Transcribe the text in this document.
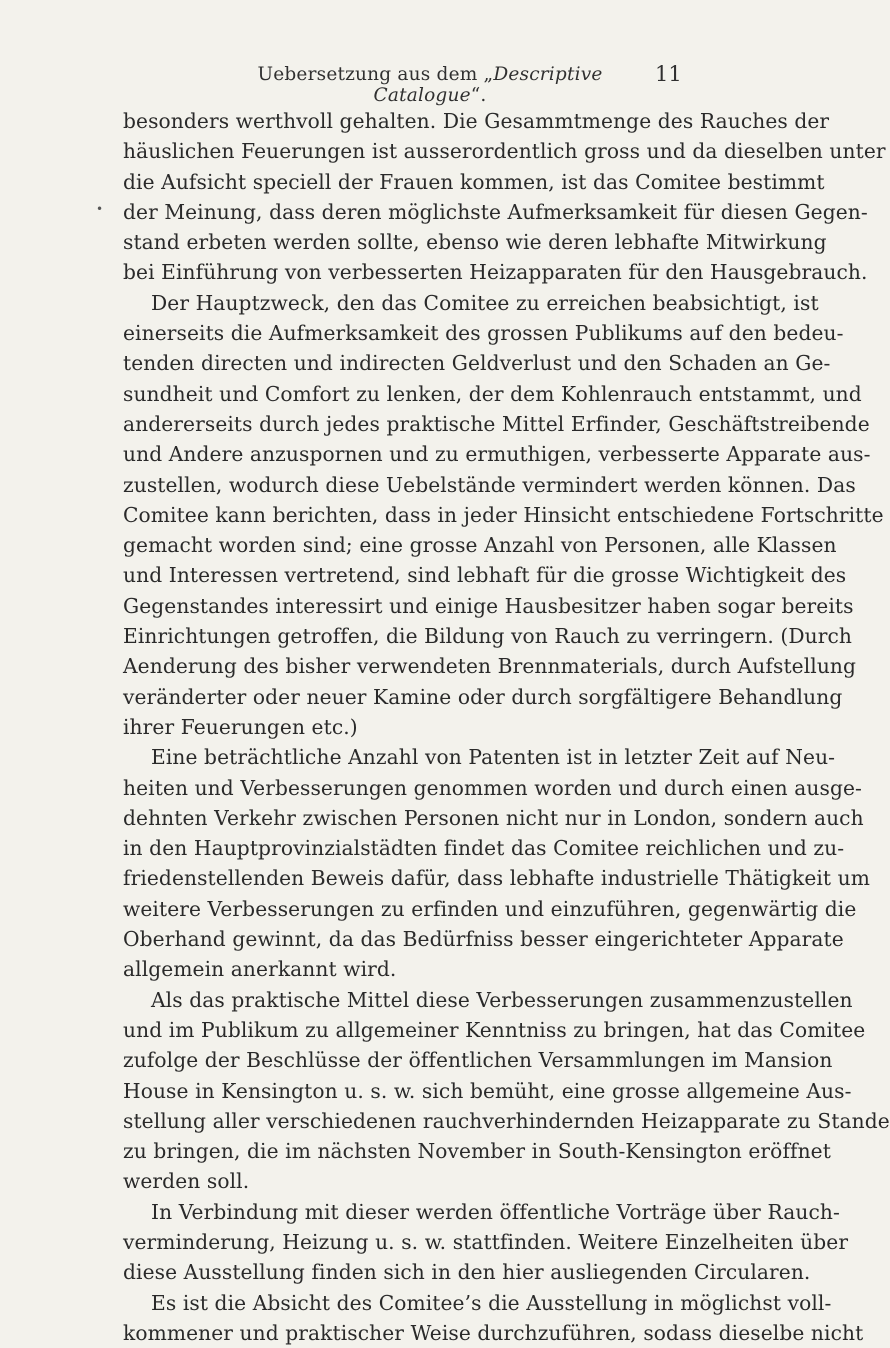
Uebersetzung aus dem „Descriptive Catalogue“.
11
•
besonders werthvoll gehalten. Die Gesammtmenge des Rauches der
häuslichen Feuerungen ist ausserordentlich gross und da dieselben unter
die Aufsicht speciell der Frauen kommen, ist das Comitee bestimmt
der Meinung, dass deren möglichste Aufmerksamkeit für diesen Gegen-
stand erbeten werden sollte, ebenso wie deren lebhafte Mitwirkung
bei Einführung von verbesserten Heizapparaten für den Hausgebrauch.
Der Hauptzweck, den das Comitee zu erreichen beabsichtigt, ist
einerseits die Aufmerksamkeit des grossen Publikums auf den bedeu-
tenden directen und indirecten Geldverlust und den Schaden an Ge-
sundheit und Comfort zu lenken, der dem Kohlenrauch entstammt, und
andererseits durch jedes praktische Mittel Erfinder, Geschäftstreibende
und Andere anzuspornen und zu ermuthigen, verbesserte Apparate aus-
zustellen, wodurch diese Uebelstände vermindert werden können. Das
Comitee kann berichten, dass in jeder Hinsicht entschiedene Fortschritte
gemacht worden sind; eine grosse Anzahl von Personen, alle Klassen
und Interessen vertretend, sind lebhaft für die grosse Wichtigkeit des
Gegenstandes interessirt und einige Hausbesitzer haben sogar bereits
Einrichtungen getroffen, die Bildung von Rauch zu verringern. (Durch
Aenderung des bisher verwendeten Brennmaterials, durch Aufstellung
veränderter oder neuer Kamine oder durch sorgfältigere Behandlung
ihrer Feuerungen etc.)
Eine beträchtliche Anzahl von Patenten ist in letzter Zeit auf Neu-
heiten und Verbesserungen genommen worden und durch einen ausge-
dehnten Verkehr zwischen Personen nicht nur in London, sondern auch
in den Hauptprovinzialstädten findet das Comitee reichlichen und zu-
friedenstellenden Beweis dafür, dass lebhafte industrielle Thätigkeit um
weitere Verbesserungen zu erfinden und einzuführen, gegenwärtig die
Oberhand gewinnt, da das Bedürfniss besser eingerichteter Apparate
allgemein anerkannt wird.
Als das praktische Mittel diese Verbesserungen zusammenzustellen
und im Publikum zu allgemeiner Kenntniss zu bringen, hat das Comitee
zufolge der Beschlüsse der öffentlichen Versammlungen im Mansion
House in Kensington u. s. w. sich bemüht, eine grosse allgemeine Aus-
stellung aller verschiedenen rauchverhindernden Heizapparate zu Stande
zu bringen, die im nächsten November in South-Kensington eröffnet
werden soll.
In Verbindung mit dieser werden öffentliche Vorträge über Rauch-
verminderung, Heizung u. s. w. stattfinden. Weitere Einzelheiten über
diese Ausstellung finden sich in den hier ausliegenden Circularen.
Es ist die Absicht des Comitee’s die Ausstellung in möglichst voll-
kommener und praktischer Weise durchzuführen, sodass dieselbe nicht
